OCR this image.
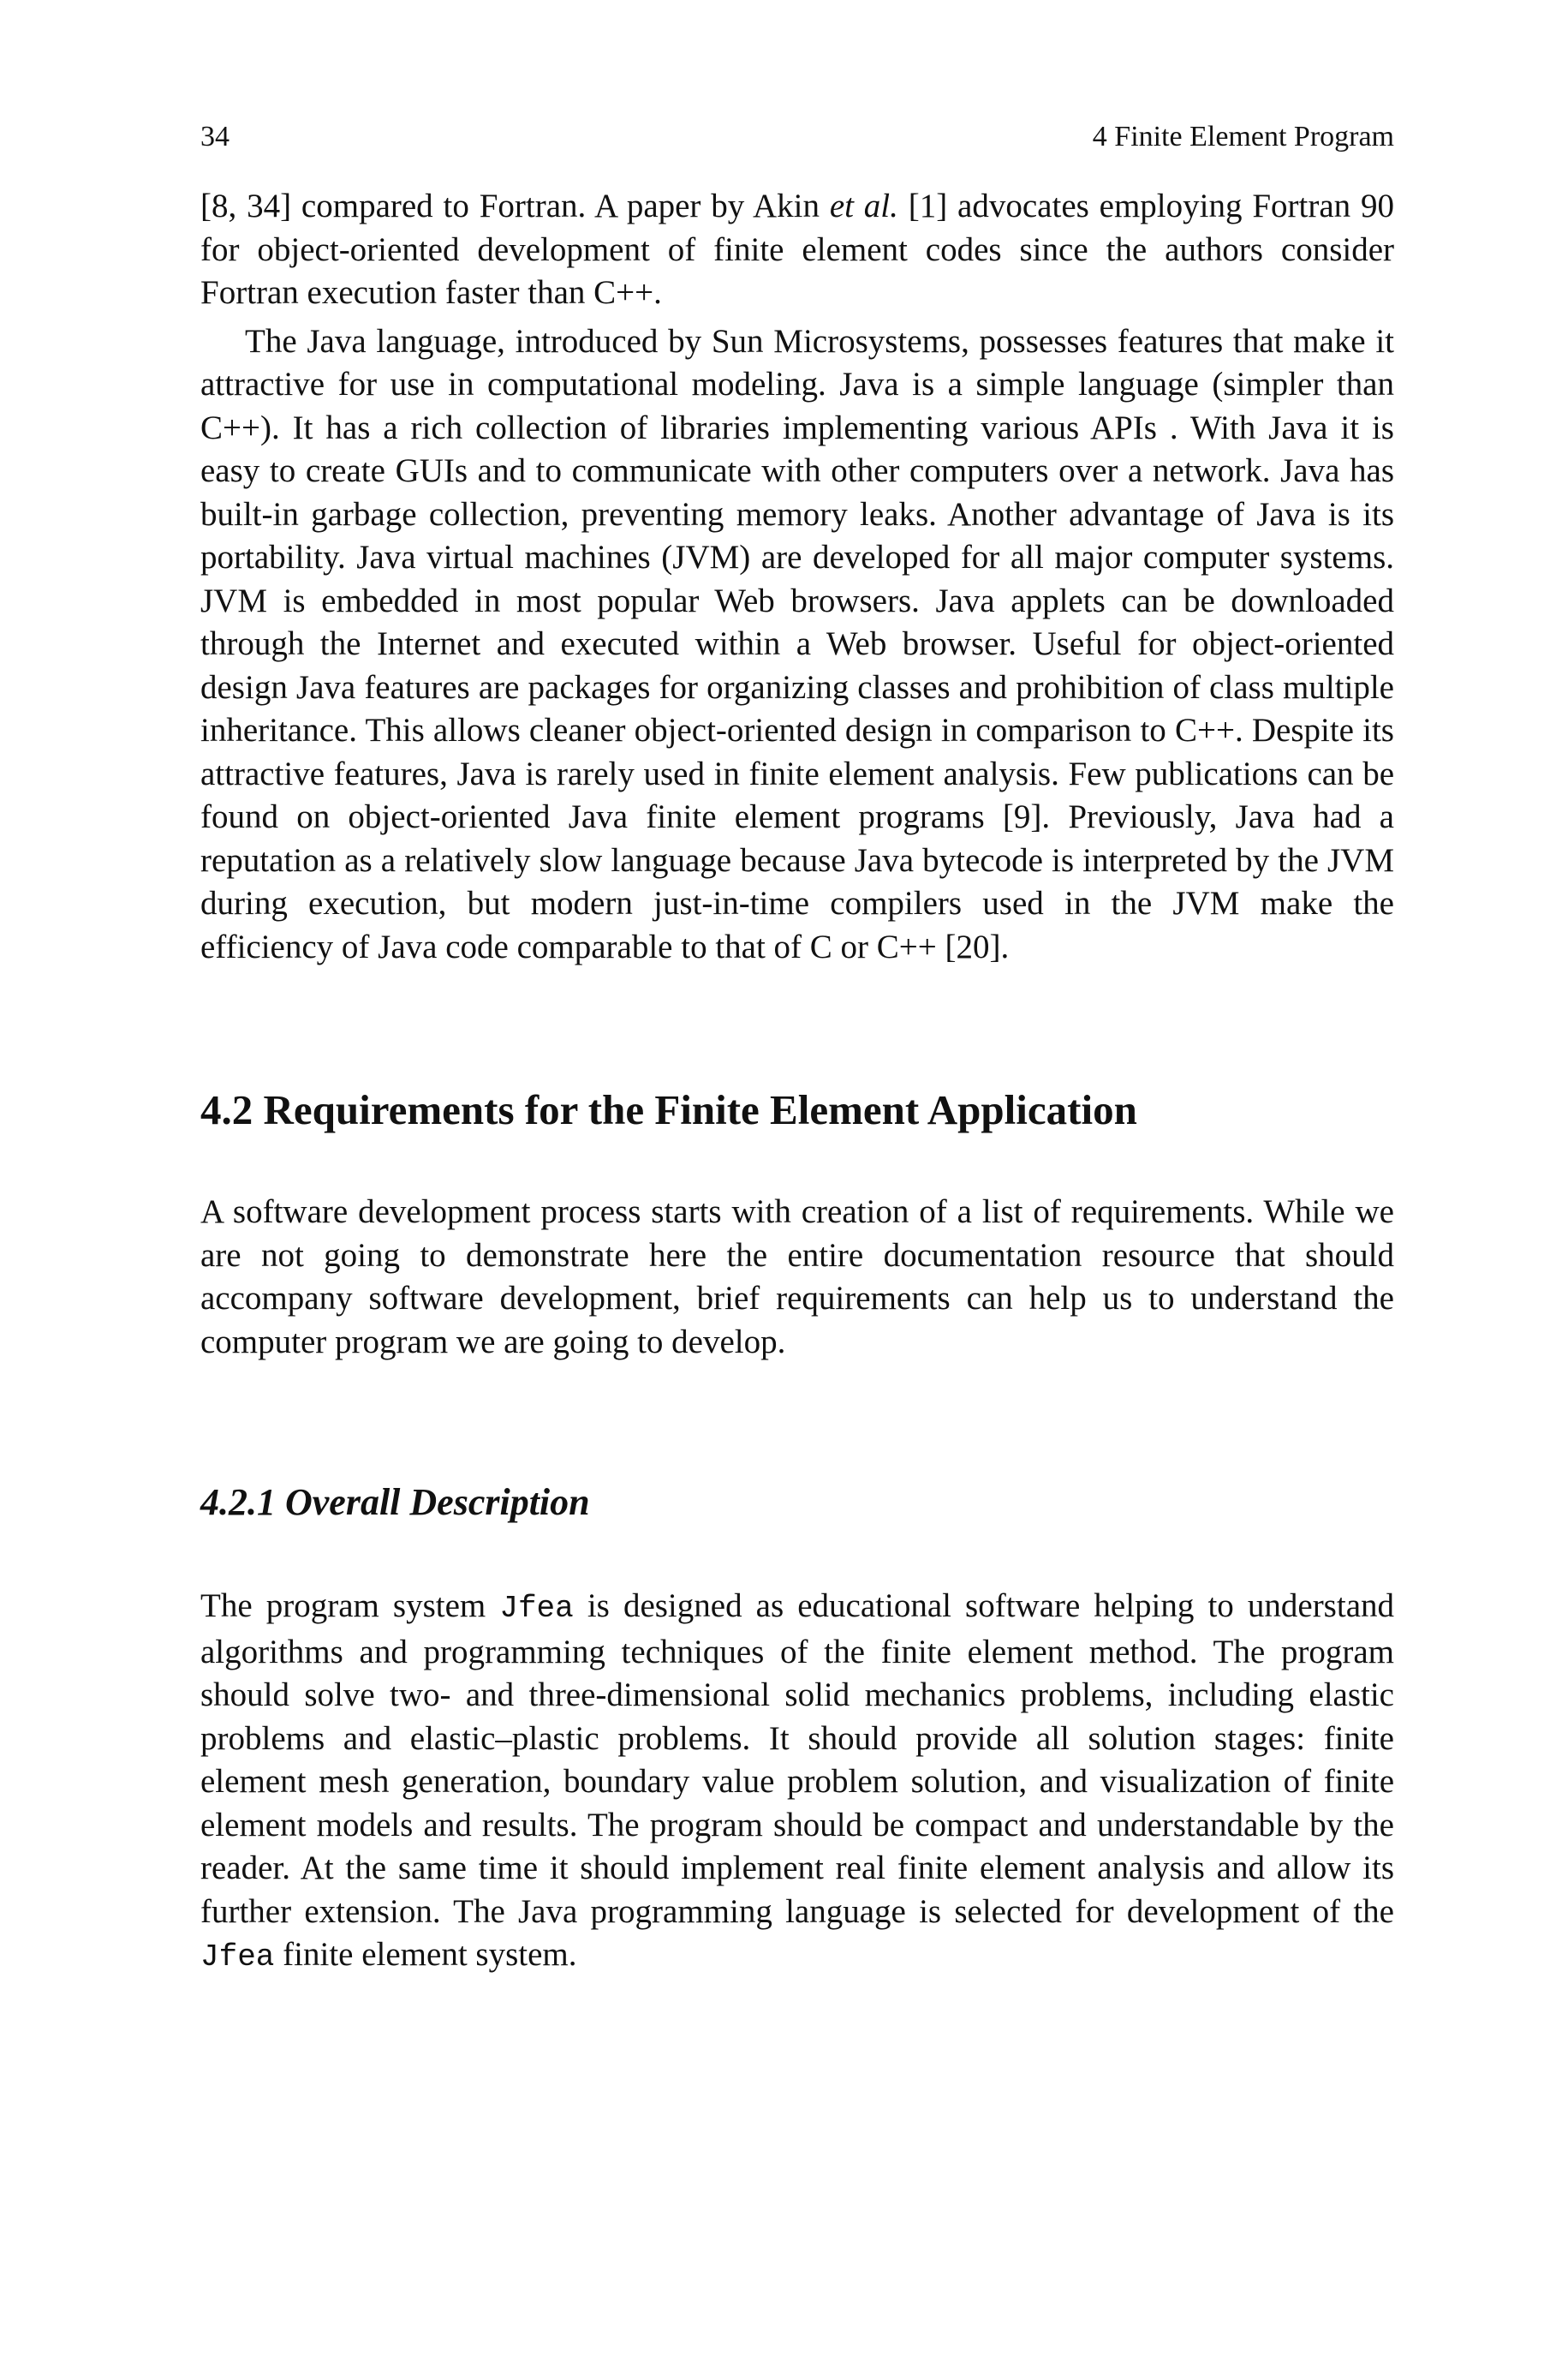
34	4 Finite Element Program

[8, 34] compared to Fortran. A paper by Akin et al. [1] advocates employing Fortran 90 for object-oriented development of finite element codes since the authors consider Fortran execution faster than C++.

The Java language, introduced by Sun Microsystems, possesses features that make it attractive for use in computational modeling. Java is a simple language (simpler than C++). It has a rich collection of libraries implementing various APIs . With Java it is easy to create GUIs and to communicate with other computers over a network. Java has built-in garbage collection, preventing memory leaks. Another advantage of Java is its portability. Java virtual machines (JVM) are developed for all major computer systems. JVM is embedded in most popular Web browsers. Java applets can be downloaded through the Internet and executed within a Web browser. Useful for object-oriented design Java features are packages for organizing classes and prohibition of class multiple inheritance. This allows cleaner object-oriented design in comparison to C++. Despite its attractive features, Java is rarely used in finite element analysis. Few publications can be found on object-oriented Java finite element programs [9]. Previously, Java had a reputation as a relatively slow language because Java bytecode is interpreted by the JVM during execution, but modern just-in-time compilers used in the JVM make the efficiency of Java code comparable to that of C or C++ [20].

4.2 Requirements for the Finite Element Application

A software development process starts with creation of a list of requirements. While we are not going to demonstrate here the entire documentation resource that should accompany software development, brief requirements can help us to understand the computer program we are going to develop.

4.2.1 Overall Description

The program system Jfea is designed as educational software helping to understand algorithms and programming techniques of the finite element method. The program should solve two- and three-dimensional solid mechanics problems, including elastic problems and elastic–plastic problems. It should provide all solution stages: finite element mesh generation, boundary value problem solution, and visualization of finite element models and results. The program should be compact and understandable by the reader. At the same time it should implement real finite element analysis and allow its further extension. The Java programming language is selected for development of the Jfea finite element system.
